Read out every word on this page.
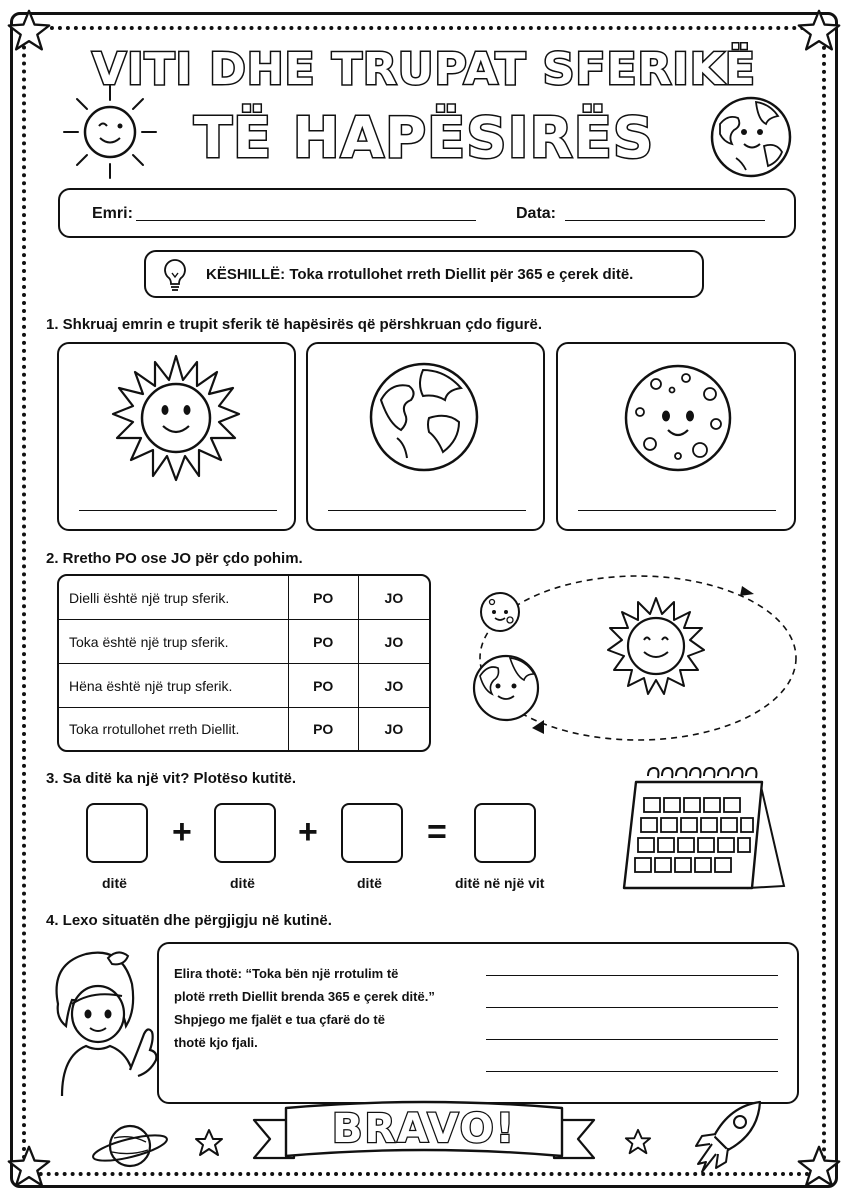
VITI DHE TRUPAT SFERIKË
TË HAPËSIRËS
Emri:	Data:
KËSHILLË: Toka rrotullohet rreth Diellit për 365 e çerek ditë.
1. Shkruaj emrin e trupit sferik të hapësirës që përshkruan çdo figurë.
2. Rretho PO ose JO për çdo pohim.
Dielli është një trup sferik.	PO	JO
Toka është një trup sferik.	PO	JO
Hëna është një trup sferik.	PO	JO
Toka rrotullohet rreth Diellit.	PO	JO
3. Sa ditë ka një vit? Plotëso kutitë.
+	+	=
ditë	ditë	ditë	ditë në një vit
4. Lexo situatën dhe përgjigju në kutinë.
Elira thotë: “Toka bën një rrotulim të
plotë rreth Diellit brenda 365 e çerek ditë.”
Shpjego me fjalët e tua çfarë do të
thotë kjo fjali.
BRAVO!
